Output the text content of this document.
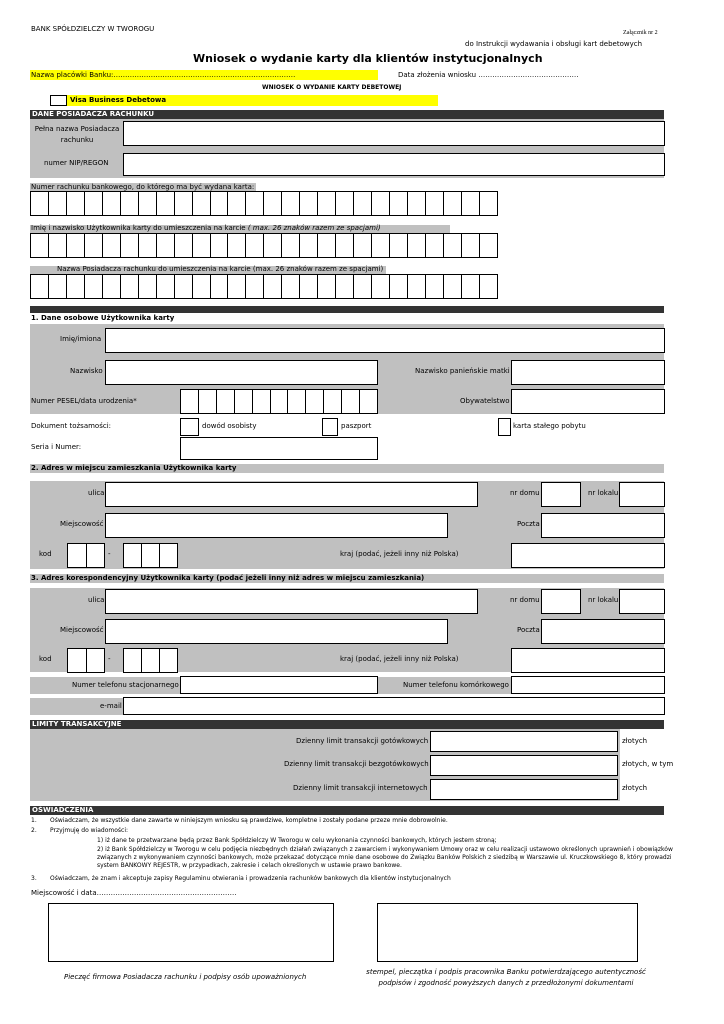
BANK SPÓŁDZIELCZY W TWOROGU	Załącznik nr 2
do Instrukcji wydawania i obsługi kart debetowych
Wniosek o wydanie karty dla klientów instytucjonalnych
Nazwa placówki Banku:……………………………………………………………………	Data złożenia wniosku …………………………………….
WNIOSEK O WYDANIE KARTY DEBETOWEJ
Visa Business Debetowa
DANE POSIADACZA RACHUNKU
Pełna nazwa Posiadacza rachunku
numer NIP/REGON
Numer rachunku bankowego, do którego ma być wydana karta:
Imię i nazwisko Użytkownika karty do umieszczenia na karcie ( max. 26 znaków razem ze spacjami)
Nazwa Posiadacza rachunku do umieszczenia na karcie (max. 26 znaków razem ze spacjami)
1. Dane osobowe Użytkownika karty
Imię/imiona
Nazwisko	Nazwisko panieńskie matki
Numer PESEL/data urodzenia*	Obywatelstwo
Dokument tożsamości:	dowód osobisty	paszport	karta stałego pobytu
Seria i Numer:
2. Adres w miejscu zamieszkania Użytkownika karty
ulica	nr domu	nr lokalu
Miejscowość	Poczta
kod	-	kraj (podać, jeżeli inny niż Polska)
3. Adres korespondencyjny Użytkownika karty (podać jeżeli inny niż adres w miejscu zamieszkania)
ulica	nr domu	nr lokalu
Miejscowość	Poczta
kod	-	kraj (podać, jeżeli inny niż Polska)
Numer telefonu stacjonarnego	Numer telefonu komórkowego
e-mail
LIMITY TRANSAKCYJNE
Dzienny limit transakcji gotówkowych	złotych
Dzienny limit transakcji bezgotówkowych	złotych, w tym
Dzienny limit transakcji internetowych	złotych
OŚWIADCZENIA
1. Oświadczam, że wszystkie dane zawarte w niniejszym wniosku są prawdziwe, kompletne i zostały podane przeze mnie dobrowolnie.
2. Przyjmuję do wiadomości:
1) iż dane te przetwarzane będą przez Bank Spółdzielczy W Tworogu w celu wykonania czynności bankowych, których jestem stroną;
2) iż Bank Spółdzielczy w Tworogu w celu podjęcia niezbędnych działań związanych z zawarciem i wykonywaniem Umowy oraz w celu realizacji ustawowo określonych uprawnień i obowiązków
związanych z wykonywaniem czynności bankowych, może przekazać dotyczące mnie dane osobowe do Związku Banków Polskich z siedzibą w Warszawie ul. Kruczkowskiego 8, który prowadzi
system BANKOWY REJESTR, w przypadkach, zakresie i celach określonych w ustawie prawo bankowe.
3. Oświadczam, że znam i akceptuje zapisy Regulaminu otwierania i prowadzenia rachunków bankowych dla klientów instytucjonalnych
Miejscowość i data……………………………………………………
Pieczęć firmowa Posiadacza rachunku i podpisy osób upoważnionych
stempel, pieczątka i podpis pracownika Banku potwierdzającego autentyczność
podpisów i zgodność powyższych danych z przedłożonymi dokumentami
